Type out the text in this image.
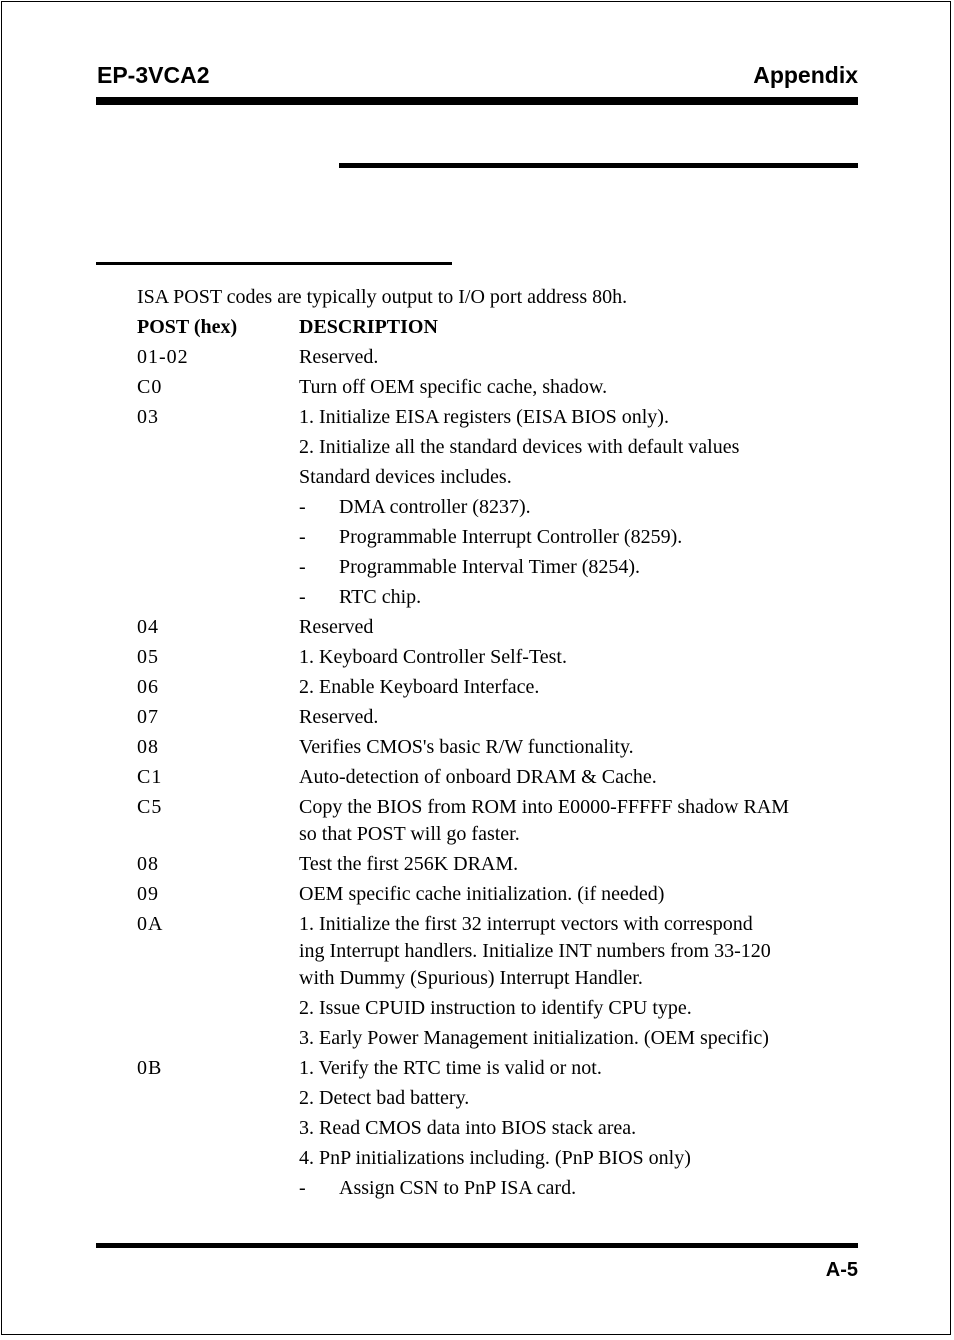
EP-3VCA2	Appendix
ISA POST codes are typically output to I/O port address 80h.
POST (hex)	DESCRIPTION
01-02	Reserved.
C0	Turn off OEM specific cache, shadow.
03	1. Initialize EISA registers (EISA BIOS only).
2. Initialize all the standard devices with default values
Standard devices includes.
- DMA controller (8237).
- Programmable Interrupt Controller (8259).
- Programmable Interval Timer (8254).
- RTC chip.
04	Reserved
05	1. Keyboard Controller Self-Test.
06	2. Enable Keyboard Interface.
07	Reserved.
08	Verifies CMOS's basic R/W functionality.
C1	Auto-detection of onboard DRAM & Cache.
C5	Copy the BIOS from ROM into E0000-FFFFF shadow RAM
so that POST will go faster.
08	Test the first 256K DRAM.
09	OEM specific cache initialization. (if needed)
0A	1. Initialize the first 32 interrupt vectors with correspond
ing Interrupt handlers. Initialize INT numbers from 33-120
with Dummy (Spurious) Interrupt Handler.
2. Issue CPUID instruction to identify CPU type.
3. Early Power Management initialization. (OEM specific)
0B	1. Verify the RTC time is valid or not.
2. Detect bad battery.
3. Read CMOS data into BIOS stack area.
4. PnP initializations including. (PnP BIOS only)
- Assign CSN to PnP ISA card.
A-5
